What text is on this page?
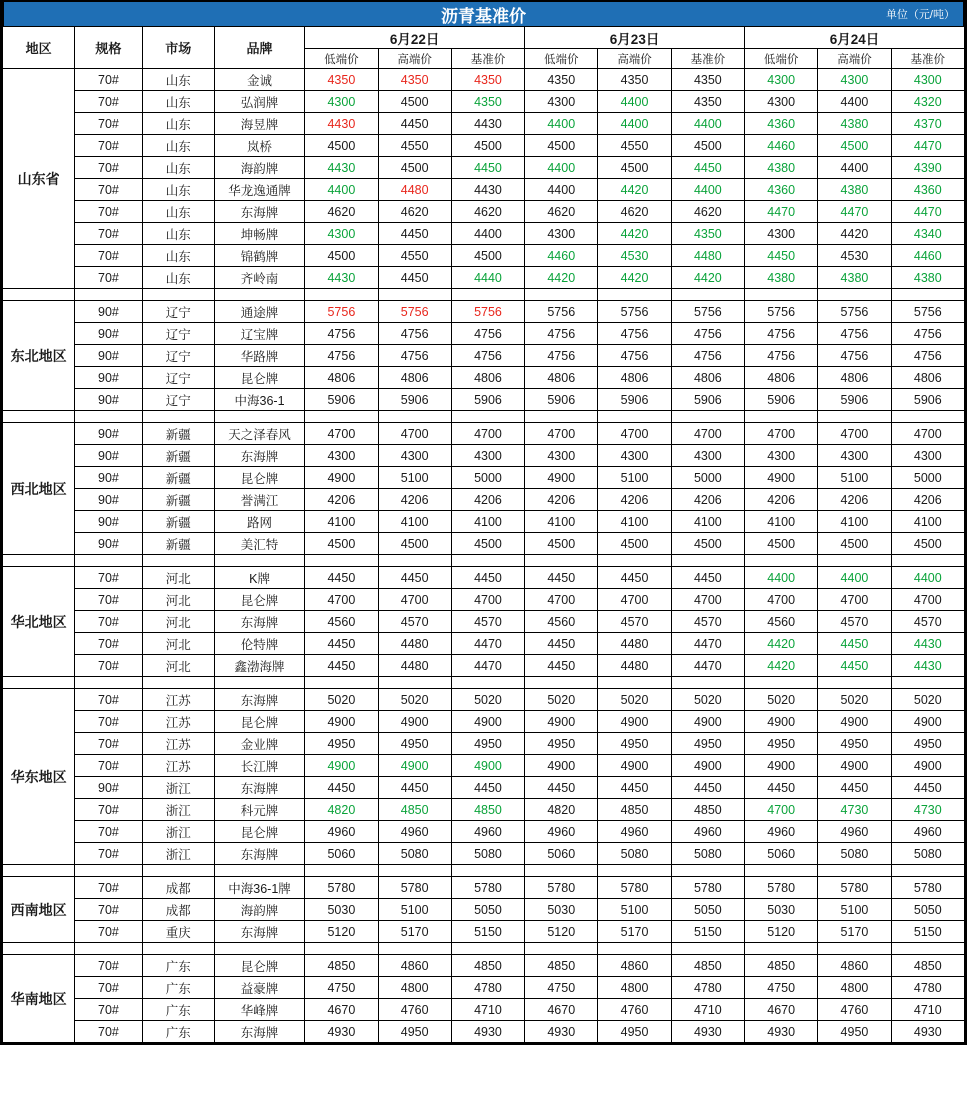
沥青基准价	单位（元/吨）
地区	规格	市场	品牌	6月22日			6月23日			6月24日		
				低端价	高端价	基准价	低端价	高端价	基准价	低端价	高端价	基准价
山东省	70#	山东	金诚	4350	4350	4350	4350	4350	4350	4300	4300	4300
	70#	山东	弘润牌	4300	4500	4350	4300	4400	4350	4300	4400	4320
	70#	山东	海昱牌	4430	4450	4430	4400	4400	4400	4360	4380	4370
	70#	山东	岚桥	4500	4550	4500	4500	4550	4500	4460	4500	4470
	70#	山东	海韵牌	4430	4500	4450	4400	4500	4450	4380	4400	4390
	70#	山东	华龙逸通牌	4400	4480	4430	4400	4420	4400	4360	4380	4360
	70#	山东	东海牌	4620	4620	4620	4620	4620	4620	4470	4470	4470
	70#	山东	坤畅牌	4300	4450	4400	4300	4420	4350	4300	4420	4340
	70#	山东	锦鹤牌	4500	4550	4500	4460	4530	4480	4450	4530	4460
	70#	山东	齐岭南	4430	4450	4440	4420	4420	4420	4380	4380	4380

东北地区	90#	辽宁	通途牌	5756	5756	5756	5756	5756	5756	5756	5756	5756
	90#	辽宁	辽宝牌	4756	4756	4756	4756	4756	4756	4756	4756	4756
	90#	辽宁	华路牌	4756	4756	4756	4756	4756	4756	4756	4756	4756
	90#	辽宁	昆仑牌	4806	4806	4806	4806	4806	4806	4806	4806	4806
	90#	辽宁	中海36-1	5906	5906	5906	5906	5906	5906	5906	5906	5906

西北地区	90#	新疆	天之泽春风	4700	4700	4700	4700	4700	4700	4700	4700	4700
	90#	新疆	东海牌	4300	4300	4300	4300	4300	4300	4300	4300	4300
	90#	新疆	昆仑牌	4900	5100	5000	4900	5100	5000	4900	5100	5000
	90#	新疆	誉满江	4206	4206	4206	4206	4206	4206	4206	4206	4206
	90#	新疆	路网	4100	4100	4100	4100	4100	4100	4100	4100	4100
	90#	新疆	美汇特	4500	4500	4500	4500	4500	4500	4500	4500	4500

华北地区	70#	河北	K牌	4450	4450	4450	4450	4450	4450	4400	4400	4400
	70#	河北	昆仑牌	4700	4700	4700	4700	4700	4700	4700	4700	4700
	70#	河北	东海牌	4560	4570	4570	4560	4570	4570	4560	4570	4570
	70#	河北	伦特牌	4450	4480	4470	4450	4480	4470	4420	4450	4430
	70#	河北	鑫渤海牌	4450	4480	4470	4450	4480	4470	4420	4450	4430

华东地区	70#	江苏	东海牌	5020	5020	5020	5020	5020	5020	5020	5020	5020
	70#	江苏	昆仑牌	4900	4900	4900	4900	4900	4900	4900	4900	4900
	70#	江苏	金业牌	4950	4950	4950	4950	4950	4950	4950	4950	4950
	70#	江苏	长江牌	4900	4900	4900	4900	4900	4900	4900	4900	4900
	90#	浙江	东海牌	4450	4450	4450	4450	4450	4450	4450	4450	4450
	70#	浙江	科元牌	4820	4850	4850	4820	4850	4850	4700	4730	4730
	70#	浙江	昆仑牌	4960	4960	4960	4960	4960	4960	4960	4960	4960
	70#	浙江	东海牌	5060	5080	5080	5060	5080	5080	5060	5080	5080

西南地区	70#	成都	中海36-1牌	5780	5780	5780	5780	5780	5780	5780	5780	5780
	70#	成都	海韵牌	5030	5100	5050	5030	5100	5050	5030	5100	5050
	70#	重庆	东海牌	5120	5170	5150	5120	5170	5150	5120	5170	5150

华南地区	70#	广东	昆仑牌	4850	4860	4850	4850	4860	4850	4850	4860	4850
	70#	广东	益豪牌	4750	4800	4780	4750	4800	4780	4750	4800	4780
	70#	广东	华峰牌	4670	4760	4710	4670	4760	4710	4670	4760	4710
	70#	广东	东海牌	4930	4950	4930	4930	4950	4930	4930	4950	4930
